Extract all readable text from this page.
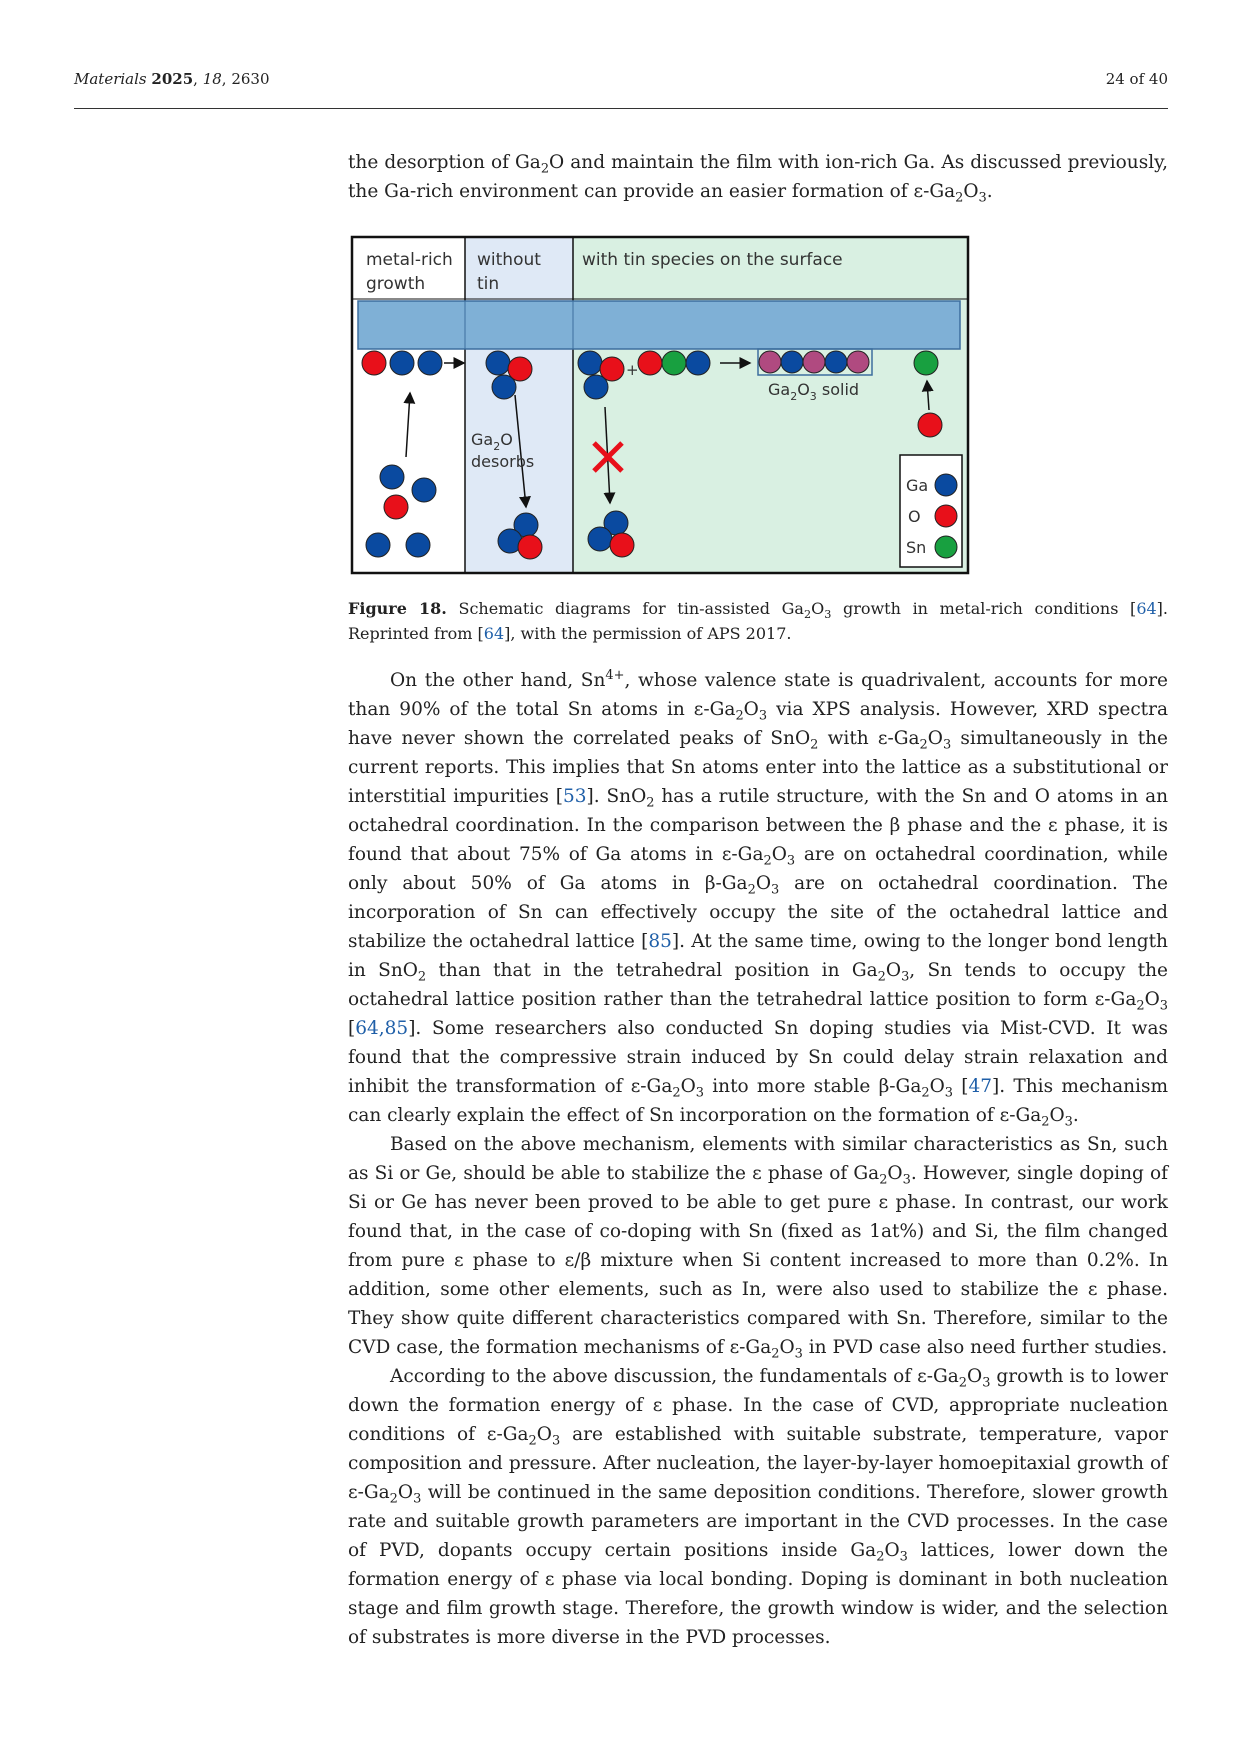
Materials 2025, 18, 2630	24 of 40

the desorption of $Ga_2O$ and maintain the film with ion-rich Ga. As discussed previously, the Ga-rich environment can provide an easier formation of $\varepsilon-Ga_2O_3$.

metal-rich
growth
without
tin
with tin species on the surface
$Ga_2O$
desorbs
+
$Ga_2O_3$ solid
Ga
O
Sn
Figure 18. Schematic diagrams for tin-assisted $Ga_2O_3$ growth in metal-rich conditions [64]. Reprinted from [64], with the permission of APS 2017.

On the other hand, $Sn^{4+}$, whose valence state is quadrivalent, accounts for more than 90% of the total Sn atoms in $\varepsilon-Ga_2O_3$ via XPS analysis. However, XRD spectra have never shown the correlated peaks of SnO$_2$ with $\varepsilon-Ga_2O_3$ simultaneously in the current reports. This implies that Sn atoms enter into the lattice as a substitutional or interstitial impurities [53]. SnO$_2$ has a rutile structure, with the Sn and O atoms in an octahedral coordination. In the comparison between the β phase and the ε phase, it is found that about 75% of Ga atoms in $\varepsilon-Ga_2O_3$ are on octahedral coordination, while only about 50% of Ga atoms in $\beta-Ga_2O_3$ are on octahedral coordination. The incorporation of Sn can effectively occupy the site of the octahedral lattice and stabilize the octahedral lattice [85]. At the same time, owing to the longer bond length in SnO$_2$ than that in the tetrahedral position in $Ga_2O_3$, Sn tends to occupy the octahedral lattice position rather than the tetrahedral lattice position to form $\varepsilon-Ga_2O_3$ [64,85]. Some researchers also conducted Sn doping studies via Mist-CVD. It was found that the compressive strain induced by Sn could delay strain relaxation and inhibit the transformation of $\varepsilon-Ga_2O_3$ into more stable $\beta-Ga_2O_3$ [47]. This mechanism can clearly explain the effect of Sn incorporation on the formation of $\varepsilon-Ga_2O_3$.

Based on the above mechanism, elements with similar characteristics as Sn, such as Si or Ge, should be able to stabilize the ε phase of $Ga_2O_3$. However, single doping of Si or Ge has never been proved to be able to get pure ε phase. In contrast, our work found that, in the case of co-doping with Sn (fixed as 1at%) and Si, the film changed from pure ε phase to ε/β mixture when Si content increased to more than 0.2%. In addition, some other elements, such as In, were also used to stabilize the ε phase. They show quite different characteristics compared with Sn. Therefore, similar to the CVD case, the formation mechanisms of $\varepsilon-Ga_2O_3$ in PVD case also need further studies.

According to the above discussion, the fundamentals of $\varepsilon-Ga_2O_3$ growth is to lower down the formation energy of ε phase. In the case of CVD, appropriate nucleation conditions of $\varepsilon-Ga_2O_3$ are established with suitable substrate, temperature, vapor composition and pressure. After nucleation, the layer-by-layer homoepitaxial growth of $\varepsilon-Ga_2O_3$ will be continued in the same deposition conditions. Therefore, slower growth rate and suitable growth parameters are important in the CVD processes. In the case of PVD, dopants occupy certain positions inside $Ga_2O_3$ lattices, lower down the formation energy of ε phase via local bonding. Doping is dominant in both nucleation stage and film growth stage. Therefore, the growth window is wider, and the selection of substrates is more diverse in the PVD processes.
